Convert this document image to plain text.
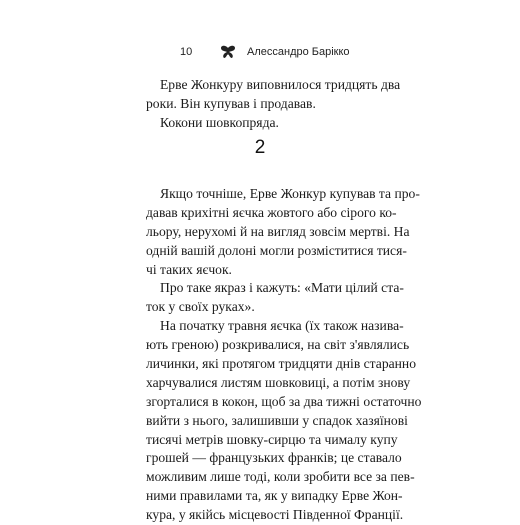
10	Алессандро Барікко
Ерве Жонкуру виповнилося тридцять два
роки. Він купував і продавав.
Кокони шовкопряда.
2
Якщо точніше, Ерве Жонкур купував та про-
давав крихітні яєчка жовтого або сірого ко-
льору, нерухомі й на вигляд зовсім мертві. На
одній вашій долоні могли розміститися тися-
чі таких яєчок.
Про таке якраз і кажуть: «Мати цілий ста-
ток у своїх руках».
На початку травня яєчка (їх також назива-
ють греною) розкривалися, на світ з'являлись
личинки, які протягом тридцяти днів старанно
харчувалися листям шовковиці, а потім знову
згорталися в кокон, щоб за два тижні остаточно
вийти з нього, залишивши у спадок хазяїнові
тисячі метрів шовку-сирцю та чималу купу
грошей — французьких франків; це ставало
можливим лише тоді, коли зробити все за пев-
ними правилами та, як у випадку Ерве Жон-
кура, у якійсь місцевості Південної Франції.
